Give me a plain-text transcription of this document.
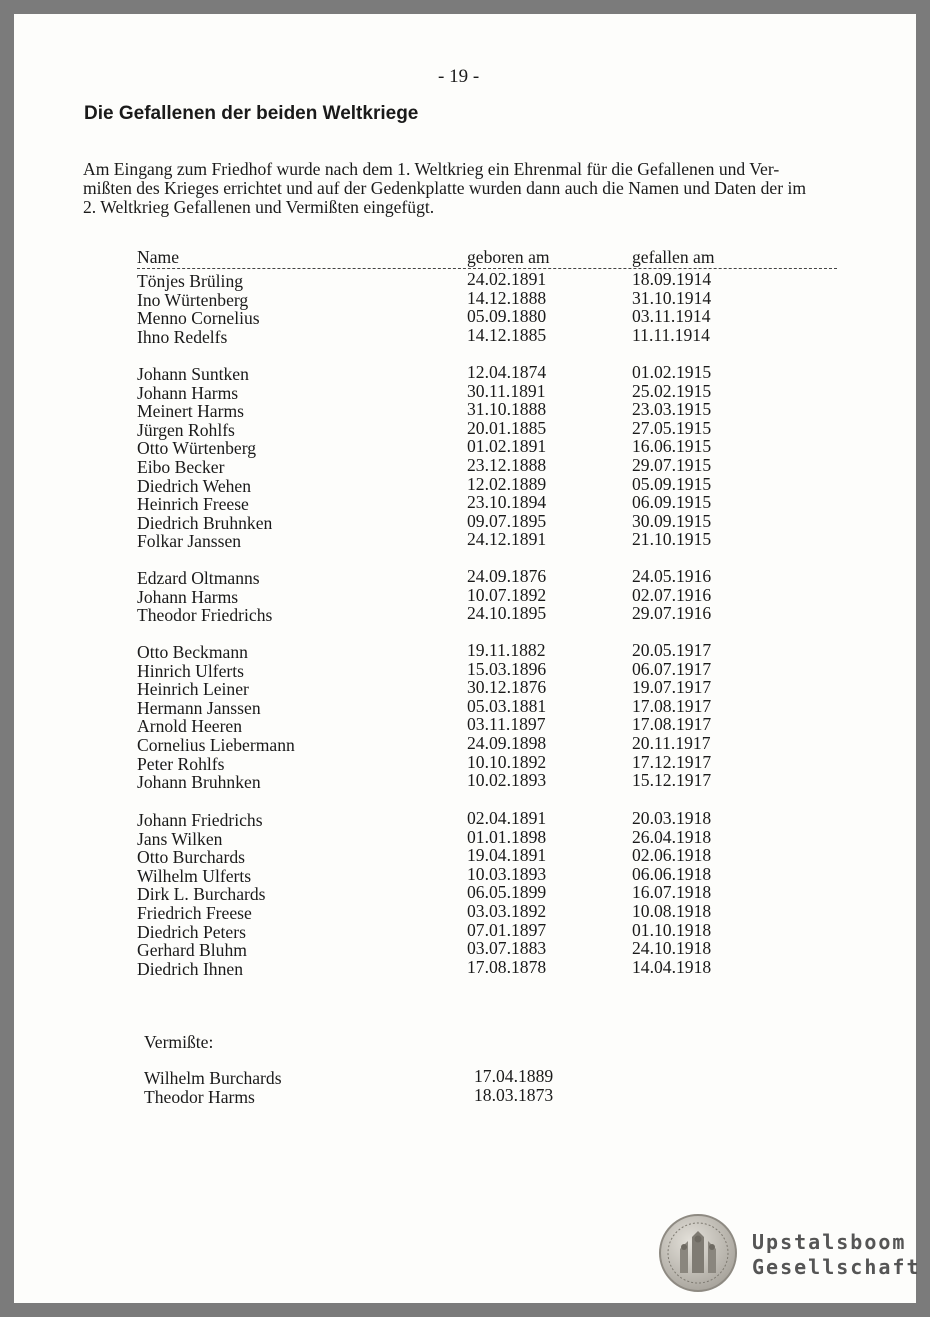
- 19 -
Die Gefallenen der beiden Weltkriege
Am Eingang zum Friedhof wurde nach dem 1. Weltkrieg ein Ehrenmal für die Gefallenen und Ver-
mißten des Krieges errichtet und auf der Gedenkplatte wurden dann auch die Namen und Daten der im
2. Weltkrieg Gefallenen und Vermißten eingefügt.
Name	geboren am	gefallen am
Tönjes Brüling	24.02.1891	18.09.1914
Ino Würtenberg	14.12.1888	31.10.1914
Menno Cornelius	05.09.1880	03.11.1914
Ihno Redelfs	14.12.1885	11.11.1914
Johann Suntken	12.04.1874	01.02.1915
Johann Harms	30.11.1891	25.02.1915
Meinert Harms	31.10.1888	23.03.1915
Jürgen Rohlfs	20.01.1885	27.05.1915
Otto Würtenberg	01.02.1891	16.06.1915
Eibo Becker	23.12.1888	29.07.1915
Diedrich Wehen	12.02.1889	05.09.1915
Heinrich Freese	23.10.1894	06.09.1915
Diedrich Bruhnken	09.07.1895	30.09.1915
Folkar Janssen	24.12.1891	21.10.1915
Edzard Oltmanns	24.09.1876	24.05.1916
Johann Harms	10.07.1892	02.07.1916
Theodor Friedrichs	24.10.1895	29.07.1916
Otto Beckmann	19.11.1882	20.05.1917
Hinrich Ulferts	15.03.1896	06.07.1917
Heinrich Leiner	30.12.1876	19.07.1917
Hermann Janssen	05.03.1881	17.08.1917
Arnold Heeren	03.11.1897	17.08.1917
Cornelius Liebermann	24.09.1898	20.11.1917
Peter Rohlfs	10.10.1892	17.12.1917
Johann Bruhnken	10.02.1893	15.12.1917
Johann Friedrichs	02.04.1891	20.03.1918
Jans Wilken	01.01.1898	26.04.1918
Otto Burchards	19.04.1891	02.06.1918
Wilhelm Ulferts	10.03.1893	06.06.1918
Dirk L. Burchards	06.05.1899	16.07.1918
Friedrich Freese	03.03.1892	10.08.1918
Diedrich Peters	07.01.1897	01.10.1918
Gerhard Bluhm	03.07.1883	24.10.1918
Diedrich Ihnen	17.08.1878	14.04.1918
Vermißte:
Wilhelm Burchards	17.04.1889
Theodor Harms	18.03.1873
Upstalsboom
Gesellschaft
